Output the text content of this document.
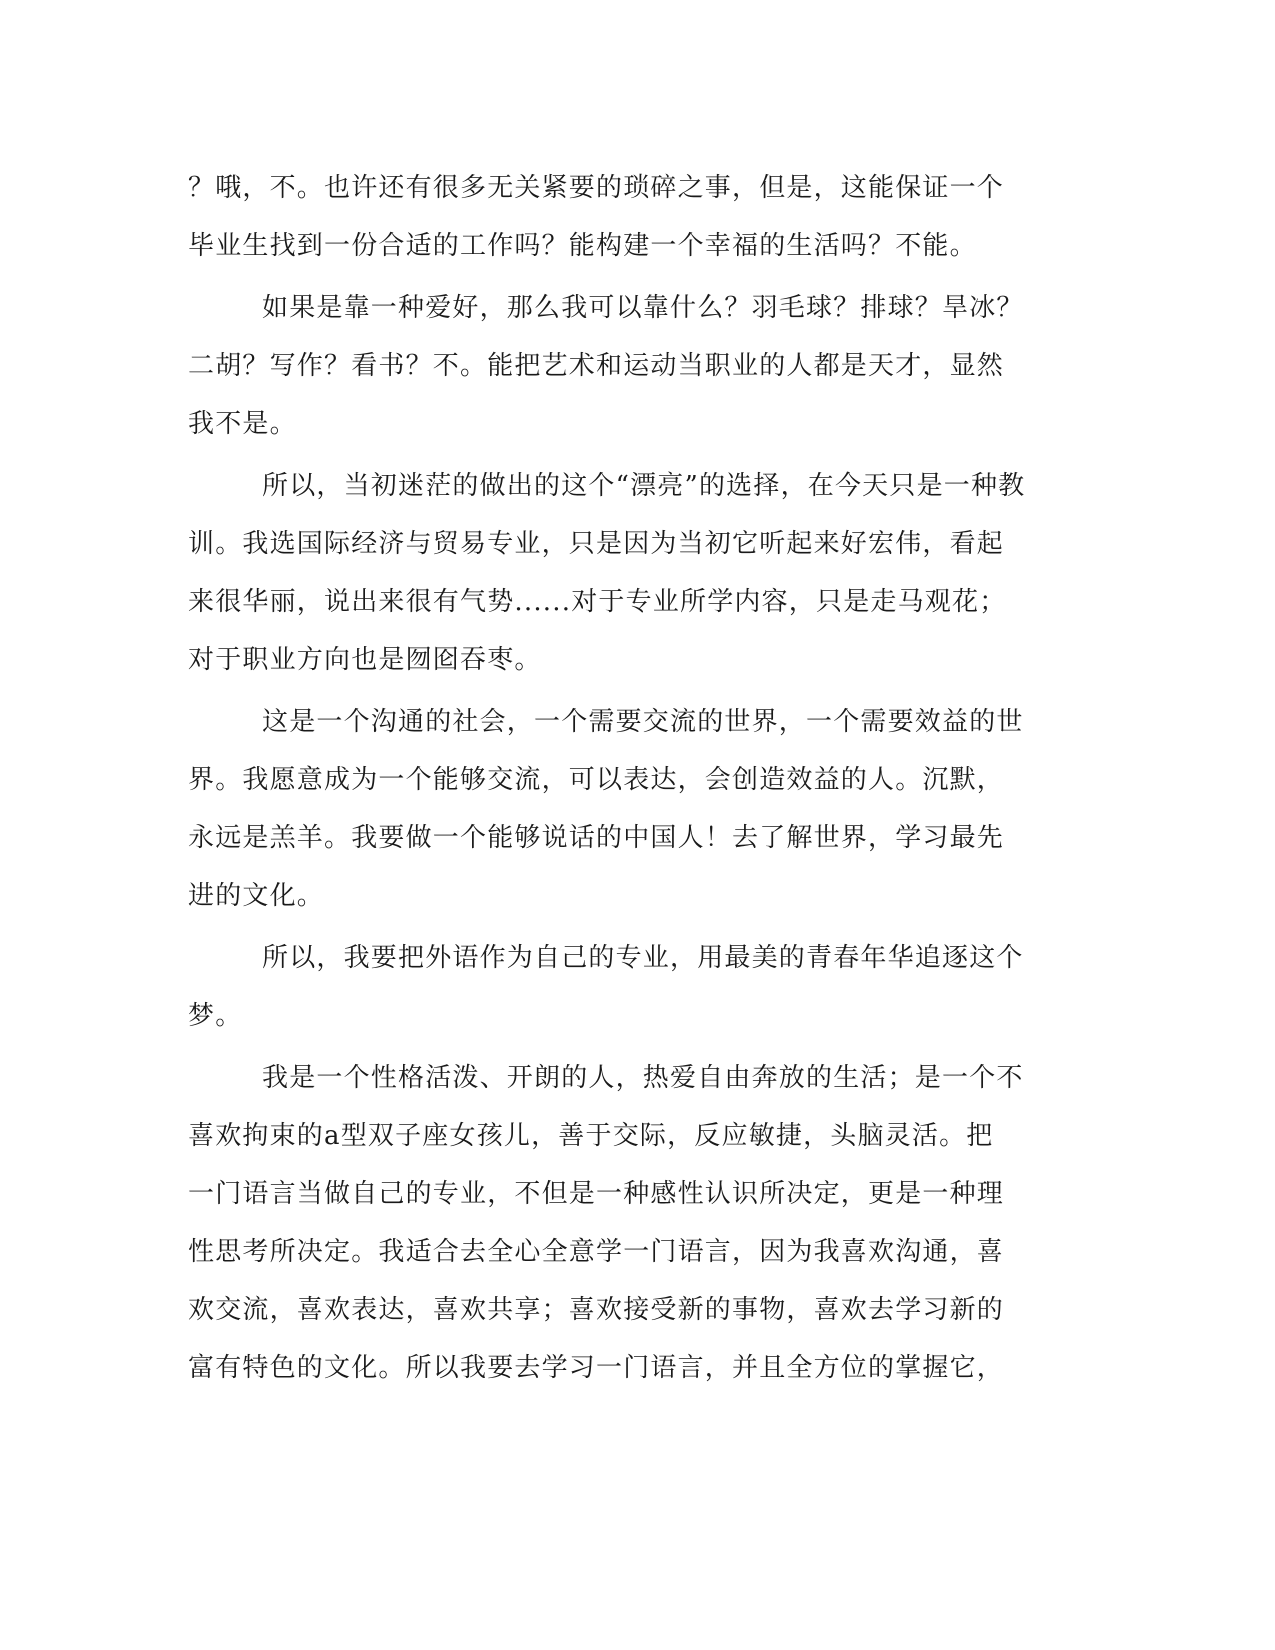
？哦，不。也许还有很多无关紧要的琐碎之事，但是，这能保证一个
毕业生找到一份合适的工作吗？能构建一个幸福的生活吗？不能。
如果是靠一种爱好，那么我可以靠什么？羽毛球？排球？旱冰？
二胡？写作？看书？不。能把艺术和运动当职业的人都是天才，显然
我不是。
所以，当初迷茫的做出的这个“漂亮”的选择，在今天只是一种教
训。我选国际经济与贸易专业，只是因为当初它听起来好宏伟，看起
来很华丽，说出来很有气势......对于专业所学内容，只是走马观花；
对于职业方向也是囫囵吞枣。
这是一个沟通的社会，一个需要交流的世界，一个需要效益的世
界。我愿意成为一个能够交流，可以表达，会创造效益的人。沉默，
永远是羔羊。我要做一个能够说话的中国人！去了解世界，学习最先
进的文化。
所以，我要把外语作为自己的专业，用最美的青春年华追逐这个
梦。
我是一个性格活泼、开朗的人，热爱自由奔放的生活；是一个不
喜欢拘束的a型双子座女孩儿，善于交际，反应敏捷，头脑灵活。把
一门语言当做自己的专业，不但是一种感性认识所决定，更是一种理
性思考所决定。我适合去全心全意学一门语言，因为我喜欢沟通，喜
欢交流，喜欢表达，喜欢共享；喜欢接受新的事物，喜欢去学习新的
富有特色的文化。所以我要去学习一门语言，并且全方位的掌握它，
